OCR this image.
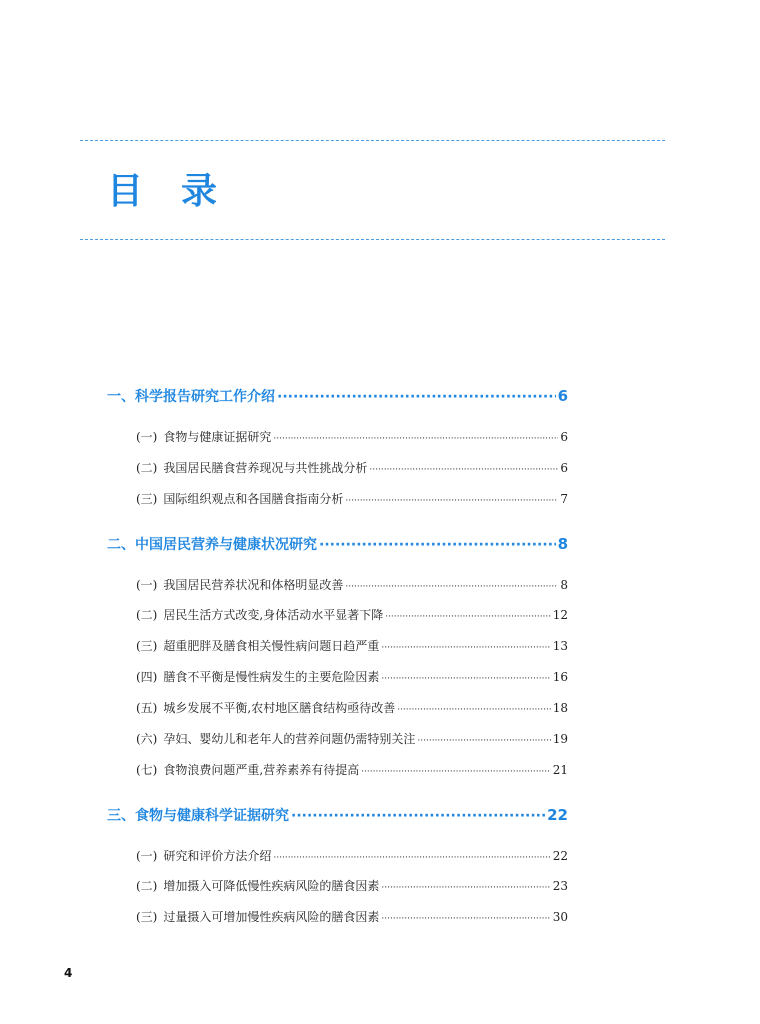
目录
一、科学报告研究工作介绍 ·····	6
(一) 食物与健康证据研究 ·····	6
(二) 我国居民膳食营养现况与共性挑战分析 ·····	6
(三) 国际组织观点和各国膳食指南分析 ·····	7
二、中国居民营养与健康状况研究 ·····	8
(一) 我国居民营养状况和体格明显改善 ·····	8
(二) 居民生活方式改变,身体活动水平显著下降 ·····	12
(三) 超重肥胖及膳食相关慢性病问题日趋严重 ·····	13
(四) 膳食不平衡是慢性病发生的主要危险因素 ·····	16
(五) 城乡发展不平衡,农村地区膳食结构亟待改善 ·····	18
(六) 孕妇、婴幼儿和老年人的营养问题仍需特别关注 ·····	19
(七) 食物浪费问题严重,营养素养有待提高 ·····	21
三、食物与健康科学证据研究 ·····	22
(一) 研究和评价方法介绍 ·····	22
(二) 增加摄入可降低慢性疾病风险的膳食因素 ·····	23
(三) 过量摄入可增加慢性疾病风险的膳食因素 ·····	30
4
